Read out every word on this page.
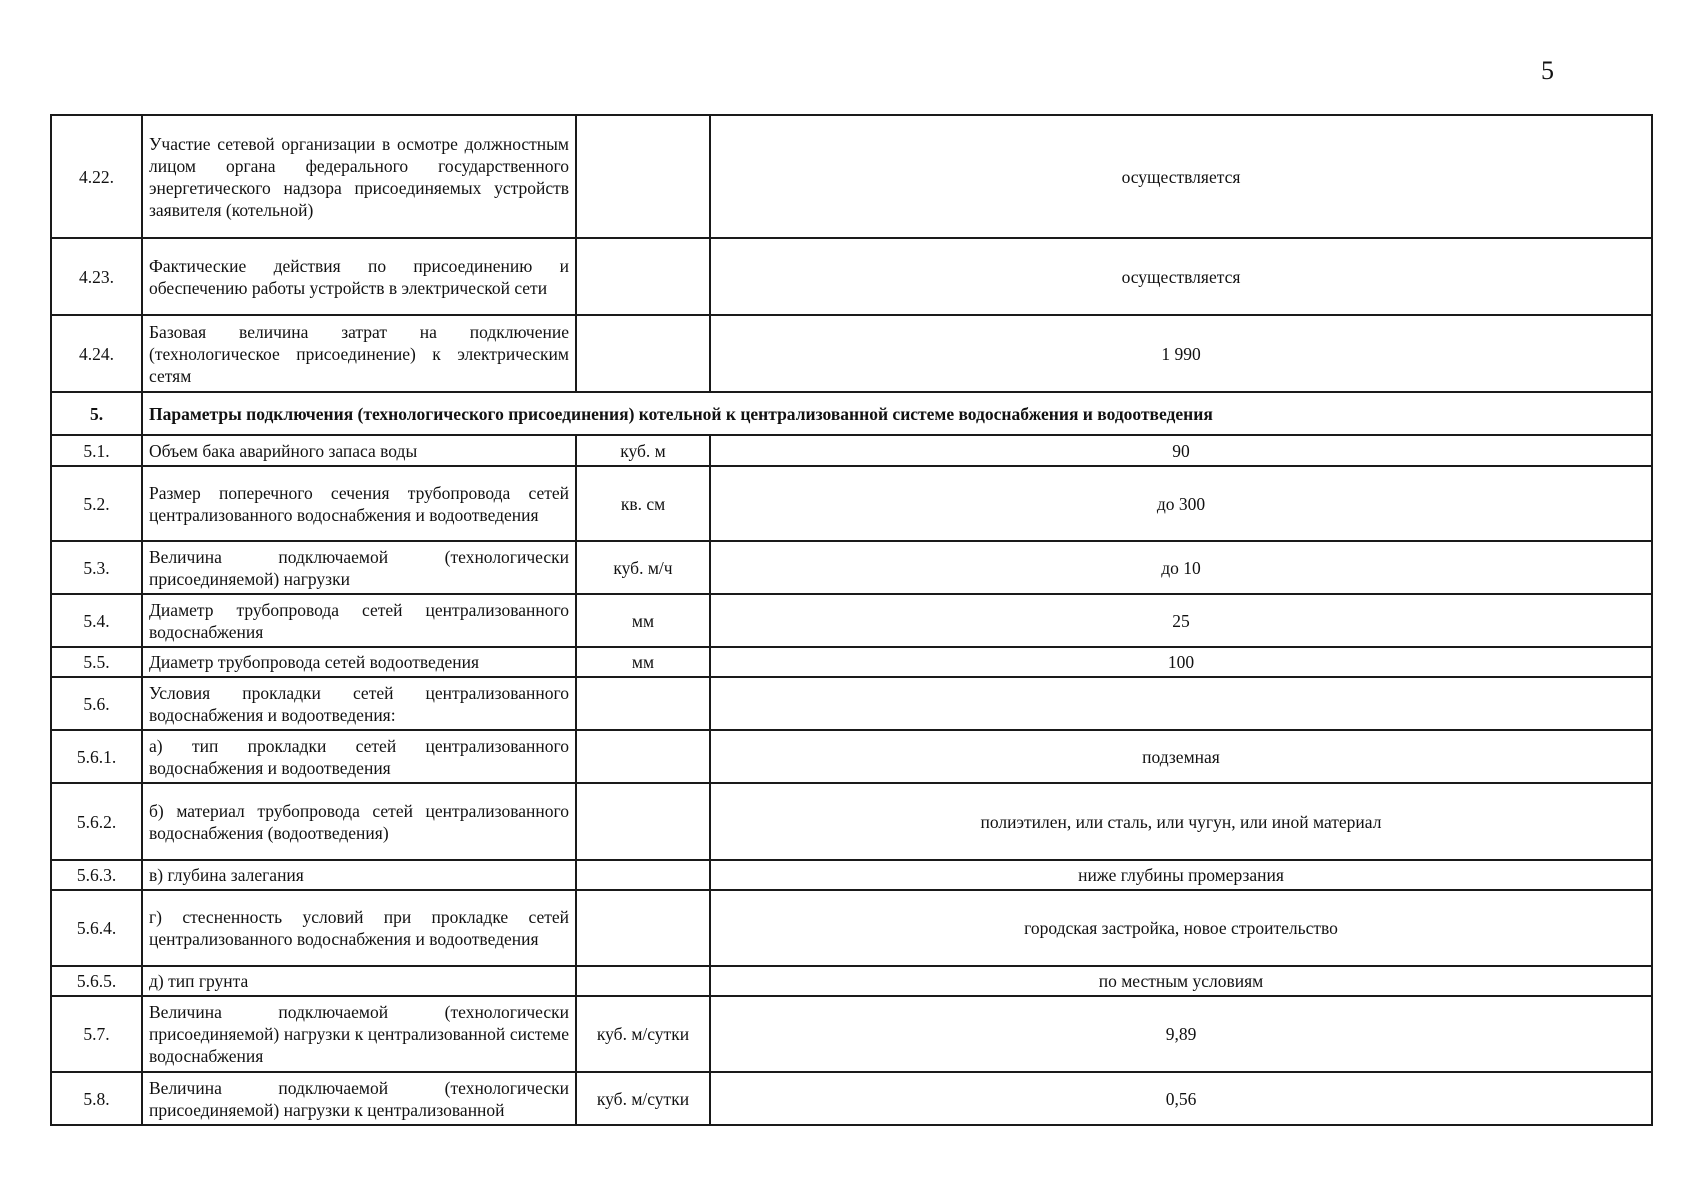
5
4.22.	Участие сетевой организации в осмотре должностным лицом органа федерального государственного энергетического надзора присоединяемых устройств заявителя (котельной)		осуществляется
4.23.	Фактические действия по присоединению и обеспечению работы устройств в электрической сети		осуществляется
4.24.	Базовая величина затрат на подключение (технологическое присоединение) к электрическим сетям		1 990
5.	Параметры подключения (технологического присоединения) котельной к централизованной системе водоснабжения и водоотведения		
5.1.	Объем бака аварийного запаса воды	куб. м	90
5.2.	Размер поперечного сечения трубопровода сетей централизованного водоснабжения и водоотведения	кв. см	до 300
5.3.	Величина подключаемой (технологически присоединяемой) нагрузки	куб. м/ч	до 10
5.4.	Диаметр трубопровода сетей централизованного водоснабжения	мм	25
5.5.	Диаметр трубопровода сетей водоотведения	мм	100
5.6.	Условия прокладки сетей централизованного водоснабжения и водоотведения:		
5.6.1.	а) тип прокладки сетей централизованного водоснабжения и водоотведения		подземная
5.6.2.	б) материал трубопровода сетей централизованного водоснабжения (водоотведения)		полиэтилен, или сталь, или чугун, или иной материал
5.6.3.	в) глубина залегания		ниже глубины промерзания
5.6.4.	г) стесненность условий при прокладке сетей централизованного водоснабжения и водоотведения		городская застройка, новое строительство
5.6.5.	д) тип грунта		по местным условиям
5.7.	Величина подключаемой (технологически присоединяемой) нагрузки к централизованной системе водоснабжения	куб. м/сутки	9,89
5.8.	Величина подключаемой (технологически присоединяемой) нагрузки к централизованной	куб. м/сутки	0,56
